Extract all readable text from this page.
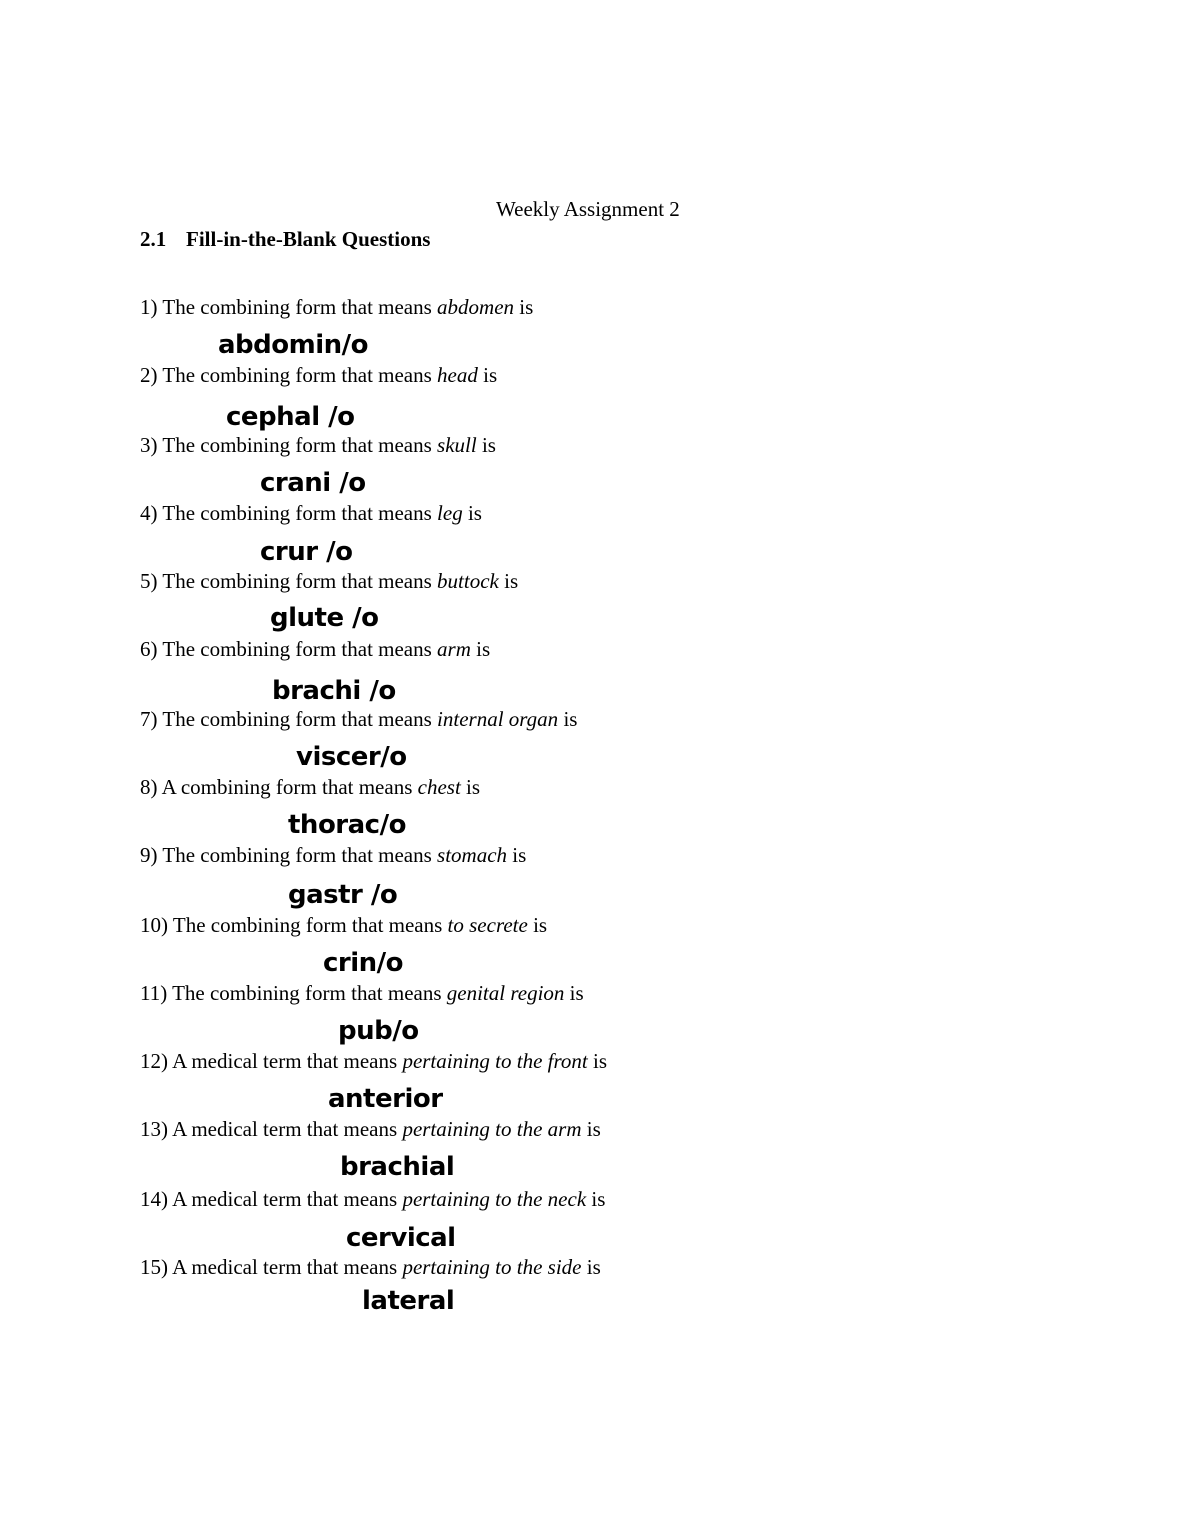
Weekly Assignment 2
2.1 Fill-in-the-Blank Questions
1) The combining form that means abdomen is
abdomin/o
2) The combining form that means head is
cephal /o
3) The combining form that means skull is
crani /o
4) The combining form that means leg is
crur /o
5) The combining form that means buttock is
glute /o
6) The combining form that means arm is
brachi /o
7) The combining form that means internal organ is
viscer/o
8) A combining form that means chest is
thorac/o
9) The combining form that means stomach is
gastr /o
10) The combining form that means to secrete is
crin/o
11) The combining form that means genital region is
pub/o
12) A medical term that means pertaining to the front is
anterior
13) A medical term that means pertaining to the arm is
brachial
14) A medical term that means pertaining to the neck is
cervical
15) A medical term that means pertaining to the side is
lateral
